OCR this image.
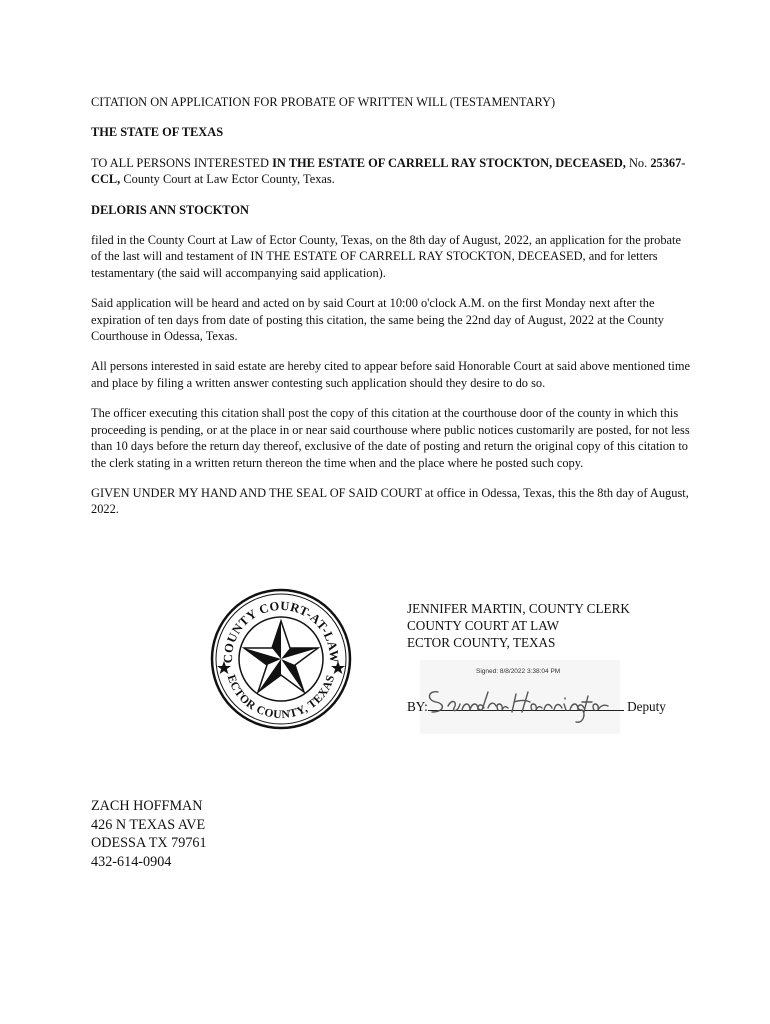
CITATION ON APPLICATION FOR PROBATE OF WRITTEN WILL (TESTAMENTARY)

THE STATE OF TEXAS

TO ALL PERSONS INTERESTED IN THE ESTATE OF CARRELL RAY STOCKTON, DECEASED, No. 25367-CCL, County Court at Law Ector County, Texas.

DELORIS ANN STOCKTON

filed in the County Court at Law of Ector County, Texas, on the 8th day of August, 2022, an application for the probate of the last will and testament of IN THE ESTATE OF CARRELL RAY STOCKTON, DECEASED, and for letters testamentary (the said will accompanying said application).

Said application will be heard and acted on by said Court at 10:00 o'clock A.M. on the first Monday next after the expiration of ten days from date of posting this citation, the same being the 22nd day of August, 2022 at the County Courthouse in Odessa, Texas.

All persons interested in said estate are hereby cited to appear before said Honorable Court at said above mentioned time and place by filing a written answer contesting such application should they desire to do so.

The officer executing this citation shall post the copy of this citation at the courthouse door of the county in which this proceeding is pending, or at the place in or near said courthouse where public notices customarily are posted, for not less than 10 days before the return day thereof, exclusive of the date of posting and return the original copy of this citation to the clerk stating in a written return thereon the time when and the place where he posted such copy.

GIVEN UNDER MY HAND AND THE SEAL OF SAID COURT at office in Odessa, Texas, this the 8th day of August, 2022.

COUNTY COURT-AT-LAW
ECTOR COUNTY, TEXAS
JENNIFER MARTIN, COUNTY CLERK
COUNTY COURT AT LAW
ECTOR COUNTY, TEXAS
Signed: 8/8/2022 3:38:04 PM
BY:	Deputy
ZACH HOFFMAN
426 N TEXAS AVE
ODESSA TX 79761
432-614-0904
